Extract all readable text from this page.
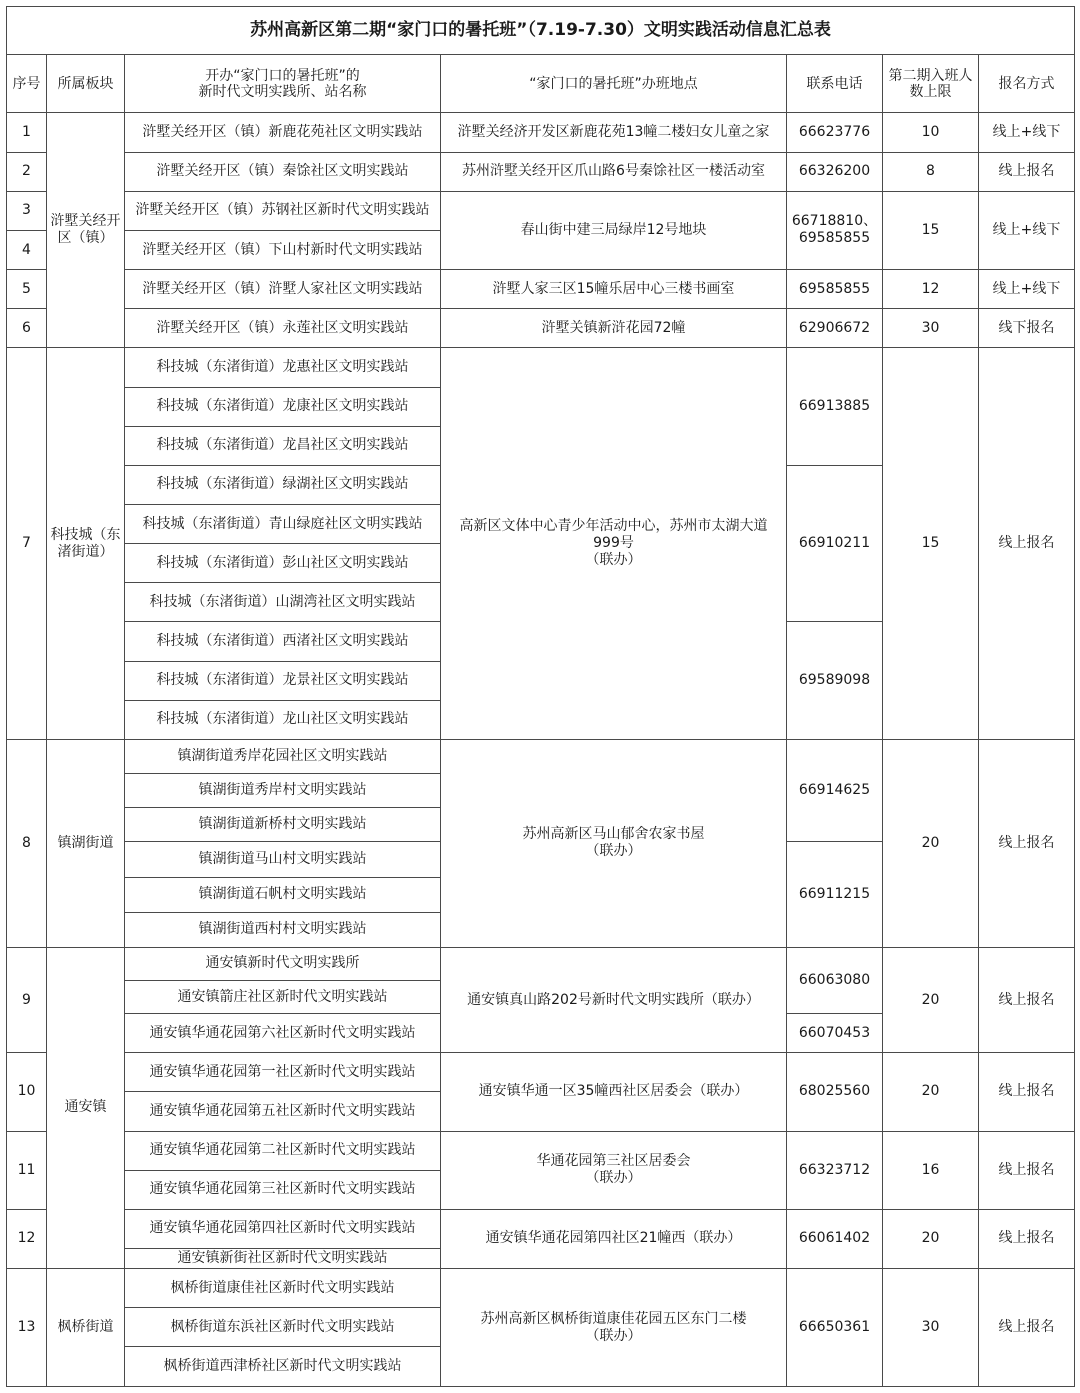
苏州高新区第二期“家门口的暑托班”（7.19-7.30）文明实践活动信息汇总表						
序号	所属板块	开办“家门口的暑托班”的
新时代文明实践所、站名称	“家门口的暑托班”办班地点	联系电话	第二期入班人数上限	报名方式
1	浒墅关经开区（镇）	浒墅关经开区（镇）新鹿花苑社区文明实践站	浒墅关经济开发区新鹿花苑13幢二楼妇女儿童之家	66623776	10	线上+线下
2		浒墅关经开区（镇）秦馀社区文明实践站	苏州浒墅关经开区爪山路6号秦馀社区一楼活动室	66326200	8	线上报名
3		浒墅关经开区（镇）苏钢社区新时代文明实践站	春山街中建三局绿岸12号地块	66718810、
69585855	15	线上+线下
4		浒墅关经开区（镇）下山村新时代文明实践站				
5		浒墅关经开区（镇）浒墅人家社区文明实践站	浒墅人家三区15幢乐居中心三楼书画室	69585855	12	线上+线下
6		浒墅关经开区（镇）永莲社区文明实践站	浒墅关镇新浒花园72幢	62906672	30	线下报名
7	科技城（东渚街道）	科技城（东渚街道）龙惠社区文明实践站	高新区文体中心青少年活动中心，苏州市太湖大道
999号
（联办）	66913885	15	线上报名
		科技城（东渚街道）龙康社区文明实践站				
		科技城（东渚街道）龙昌社区文明实践站				
		科技城（东渚街道）绿湖社区文明实践站		66910211		
		科技城（东渚街道）青山绿庭社区文明实践站				
		科技城（东渚街道）彭山社区文明实践站				
		科技城（东渚街道）山湖湾社区文明实践站				
		科技城（东渚街道）西渚社区文明实践站		69589098		
		科技城（东渚街道）龙景社区文明实践站				
		科技城（东渚街道）龙山社区文明实践站				
8	镇湖街道	镇湖街道秀岸花园社区文明实践站	苏州高新区马山郁舍农家书屋
（联办）	66914625	20	线上报名
		镇湖街道秀岸村文明实践站				
		镇湖街道新桥村文明实践站				
		镇湖街道马山村文明实践站		66911215		
		镇湖街道石帆村文明实践站				
		镇湖街道西村村文明实践站				
9	通安镇	通安镇新时代文明实践所	通安镇真山路202号新时代文明实践所（联办）	66063080	20	线上报名
		通安镇箭庄社区新时代文明实践站				
		通安镇华通花园第六社区新时代文明实践站		66070453		
10		通安镇华通花园第一社区新时代文明实践站	通安镇华通一区35幢西社区居委会（联办）	68025560	20	线上报名
		通安镇华通花园第五社区新时代文明实践站				
11		通安镇华通花园第二社区新时代文明实践站	华通花园第三社区居委会
（联办）	66323712	16	线上报名
		通安镇华通花园第三社区新时代文明实践站				
12		通安镇华通花园第四社区新时代文明实践站	通安镇华通花园第四社区21幢西（联办）	66061402	20	线上报名
		通安镇新街社区新时代文明实践站				
13	枫桥街道	枫桥街道康佳社区新时代文明实践站	苏州高新区枫桥街道康佳花园五区东门二楼
（联办）	66650361	30	线上报名
		枫桥街道东浜社区新时代文明实践站				
		枫桥街道西津桥社区新时代文明实践站				
